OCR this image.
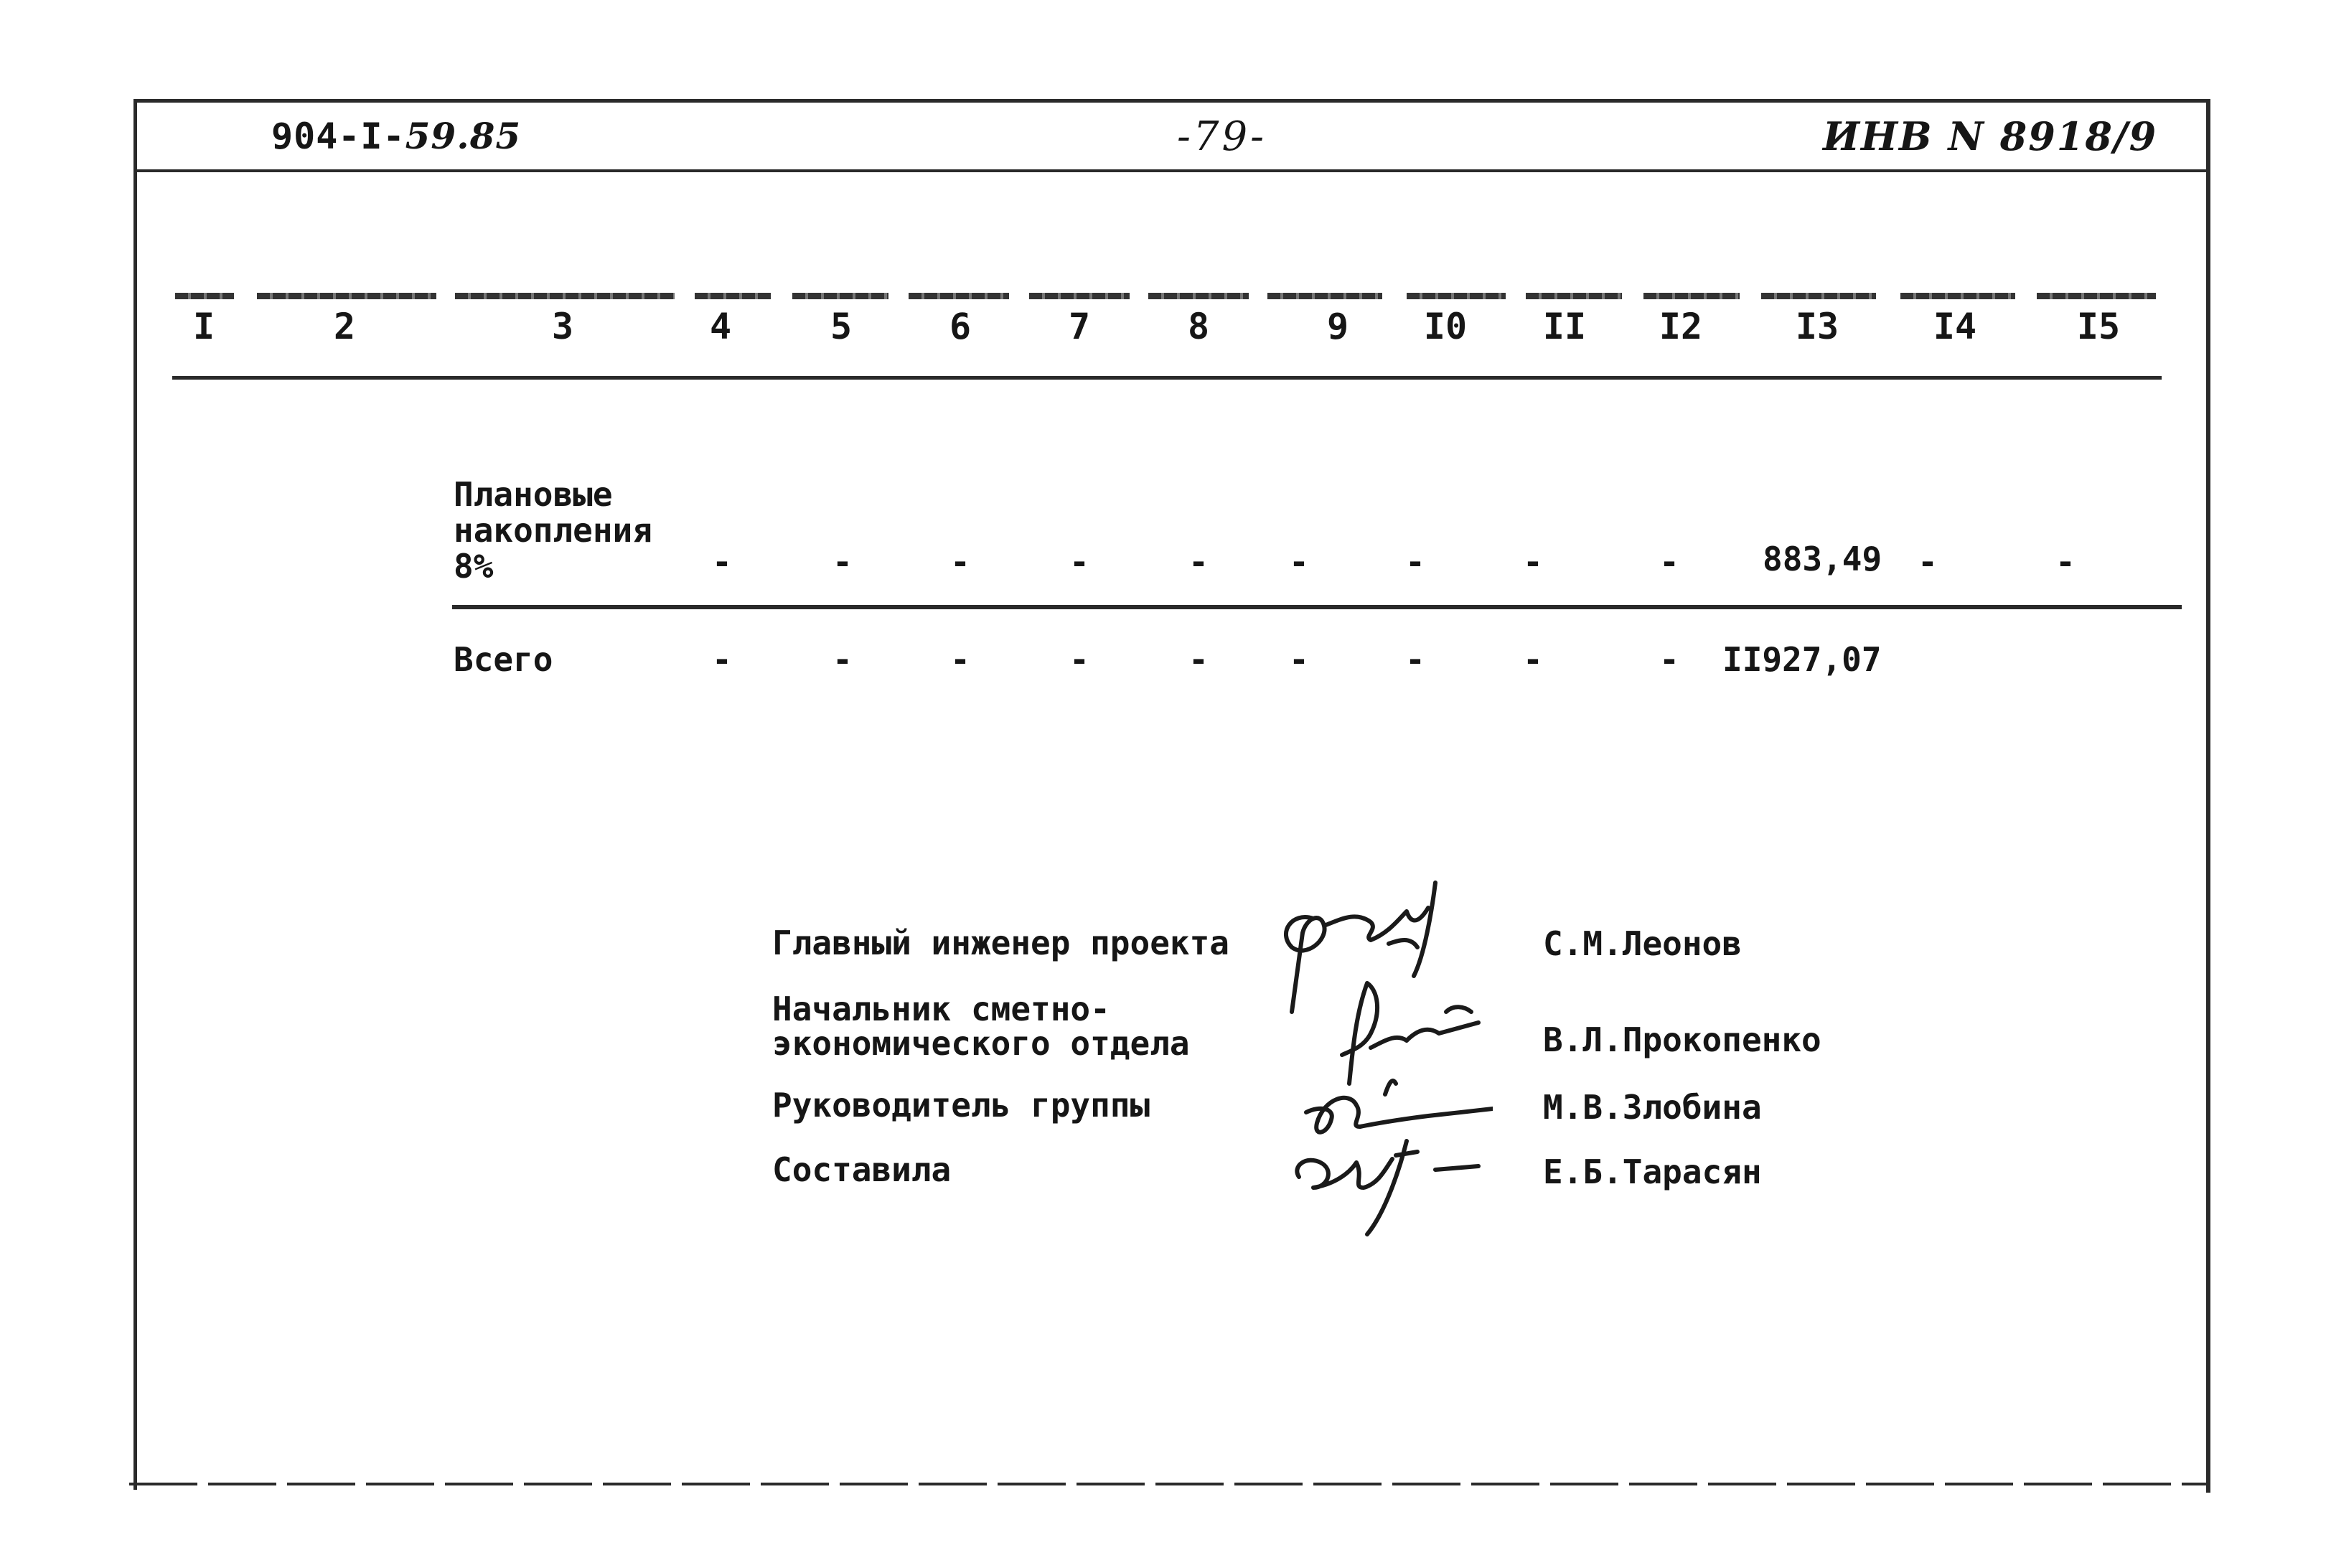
904-I-59.85	-79-	ИНВ N 8918/9
I	2	3	4	5	6	7	8	9	I0	II	I2	I3	I4	I5
Плановые
накопления
8%	-	-	-	-	-	-	-	-	-	883,49	-	-
Всего	-	-	-	-	-	-	-	-	-	II927,07
Главный инженер проекта	С.М.Леонов
Начальник сметно-
экономического отдела	В.Л.Прокопенко
Руководитель группы	М.В.Злобина
Составила	Е.Б.Тарасян
